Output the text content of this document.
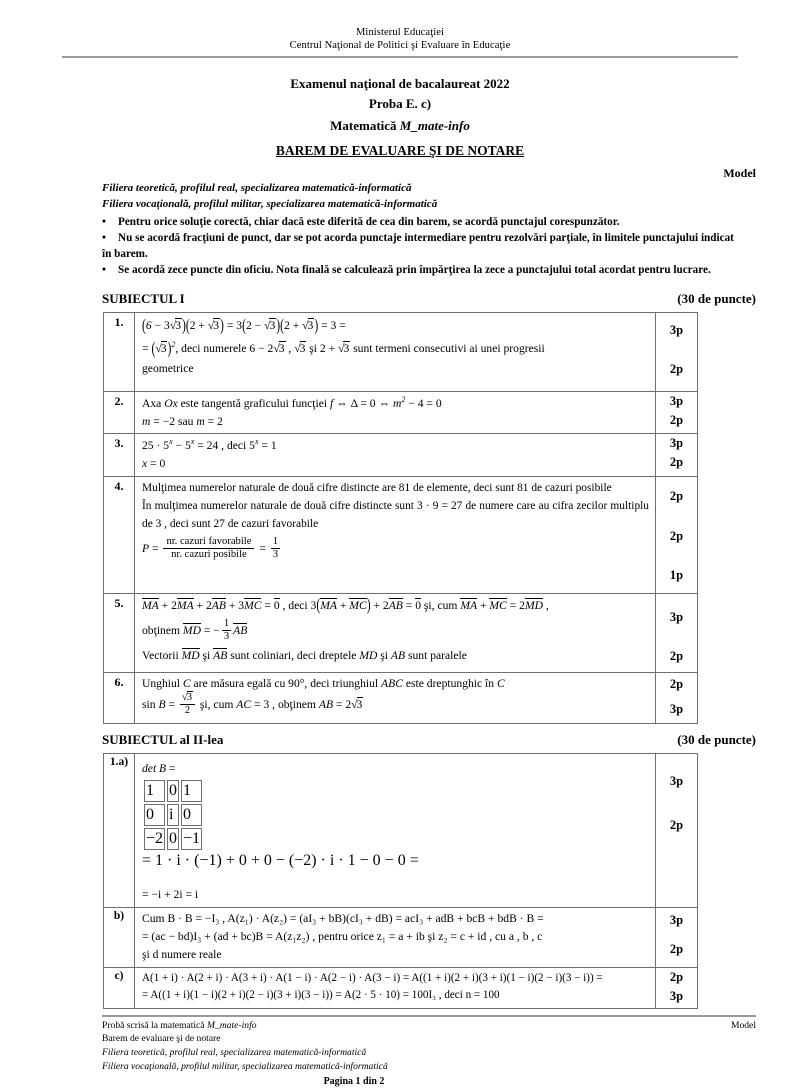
Ministerul Educaţiei
Centrul Naţional de Politici şi Evaluare în Educaţie
Examenul naţional de bacalaureat 2022
Proba E. c)
Matematică M_mate-info
BAREM DE EVALUARE ŞI DE NOTARE
Model
Filiera teoretică, profilul real, specializarea matematică-informatică
Filiera vocaţională, profilul militar, specializarea matematică-informatică

• Pentru orice soluţie corectă, chiar dacă este diferită de cea din barem, se acordă punctajul corespunzător.

• Nu se acordă fracţiuni de punct, dar se pot acorda punctaje intermediare pentru rezolvări parţiale, în limitele punctajului indicat în barem.

• Se acordă zece puncte din oficiu. Nota finală se calculează prin împărţirea la zece a punctajului total acordat pentru lucrare.

SUBIECTUL I	(30 de puncte)
1.	(6 − 3√3)(2 + √3) = 3(2 − √3)(2 + √3) = 3 =

= $(√3)^2$, deci numerele 6 − 2√3 , √3 şi 2 + √3 sunt termeni consecutivi ai unei progresii

geometrice

3p
2p

2.	Axa Ox este tangentă graficului funcţiei f ⇔ Δ = 0 ⇔ $m^2 - 4 = 0$

m = −2 sau m = 2

3p
2p

3.	$25 \cdot 5^x - 5^x = 24$ , deci $5^x = 1$

x = 0

3p
2p

4.	Mulţimea numerelor naturale de două cifre distincte are 81 de elemente, deci sunt 81 de cazuri posibile

În mulţimea numerelor naturale de două cifre distincte sunt 3 · 9 = 27 de numere care au cifra zecilor multiplu de 3 , deci sunt 27 de cazuri favorabile

$P = \frac{\text{nr. cazuri favorabile}}{\text{nr. cazuri posibile}} = \frac{1}{3}$

2p
2p
1p

5.	MA + 2MA + 2AB + 3MC = 0 , deci 3(MA + MC) + 2AB = 0 şi, cum MA + MC = 2MD ,

obţinem MD = − $\frac{1}{3}$ AB

Vectorii MD şi AB sunt coliniari, deci dreptele MD şi AB sunt paralele

3p
2p

6.	Unghiul C are măsura egală cu 90°, deci triunghiul ABC este dreptunghic în C

$\sin B = \frac{√3}{2}$ şi, cum AC = 3 , obţinem AB = 2√3

2p
3p
SUBIECTUL al II-lea	(30 de puncte)
1.a)	det B =

1	0	1
0	i	0
−2	0	−1
= 1 · i · (−1) + 0 + 0 − (−2) · i · 1 − 0 − 0 =

= −i + 2i = i

3p
2p

b)	Cum B · B = −I₃ , A(z₁) · A(z₂) = (aI₃ + bB)(cI₃ + dB) = acI₃ + adB + bcB + bdB · B =

= (ac − bd)I₃ + (ad + bc)B = A(z₁z₂) , pentru orice z₁ = a + ib şi z₂ = c + id , cu a , b , c

şi d numere reale

3p
2p

c)	A(1 + i) · A(2 + i) · A(3 + i) · A(1 − i) · A(2 − i) · A(3 − i) = A((1 + i)(2 + i)(3 + i)(1 − i)(2 − i)(3 − i)) =

= A((1 + i)(1 − i)(2 + i)(2 − i)(3 + i)(3 − i)) = A(2 · 5 · 10) = 100I₃ , deci n = 100

2p
3p
Probă scrisă la matematică M_mate-info	Model
Barem de evaluare şi de notare
Filiera teoretică, profilul real, specializarea matematică-informatică
Filiera vocaţională, profilul militar, specializarea matematică-informatică
Pagina 1 din 2
